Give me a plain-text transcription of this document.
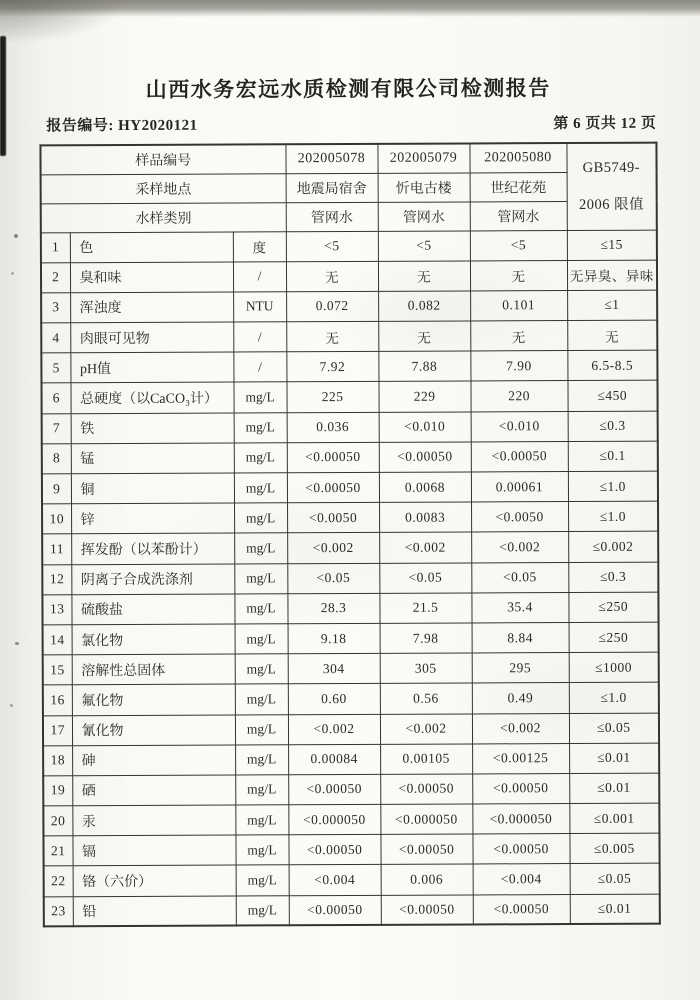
山西水务宏远水质检测有限公司检测报告
报告编号: HY2020121	第 6 页共 12 页
样品编号			202005078	202005079	202005080	GB5749-
2006 限值

采样地点			地震局宿舍	忻电古楼	世纪花苑	
水样类别			管网水	管网水	管网水	
1	色	度	<5	<5	<5	≤15
2	臭和味	/	无	无	无	无异臭、异味
3	浑浊度	NTU	0.072	0.082	0.101	≤1
4	肉眼可见物	/	无	无	无	无
5	pH值	/	7.92	7.88	7.90	6.5-8.5
6	总硬度（以CaCO₃计）	mg/L	225	229	220	≤450
7	铁	mg/L	0.036	<0.010	<0.010	≤0.3
8	锰	mg/L	<0.00050	<0.00050	<0.00050	≤0.1
9	铜	mg/L	<0.00050	0.0068	0.00061	≤1.0
10	锌	mg/L	<0.0050	0.0083	<0.0050	≤1.0
11	挥发酚（以苯酚计）	mg/L	<0.002	<0.002	<0.002	≤0.002
12	阴离子合成洗涤剂	mg/L	<0.05	<0.05	<0.05	≤0.3
13	硫酸盐	mg/L	28.3	21.5	35.4	≤250
14	氯化物	mg/L	9.18	7.98	8.84	≤250
15	溶解性总固体	mg/L	304	305	295	≤1000
16	氟化物	mg/L	0.60	0.56	0.49	≤1.0
17	氰化物	mg/L	<0.002	<0.002	<0.002	≤0.05
18	砷	mg/L	0.00084	0.00105	<0.00125	≤0.01
19	硒	mg/L	<0.00050	<0.00050	<0.00050	≤0.01
20	汞	mg/L	<0.000050	<0.000050	<0.000050	≤0.001
21	镉	mg/L	<0.00050	<0.00050	<0.00050	≤0.005
22	铬（六价）	mg/L	<0.004	0.006	<0.004	≤0.05
23	铅	mg/L	<0.00050	<0.00050	<0.00050	≤0.01
